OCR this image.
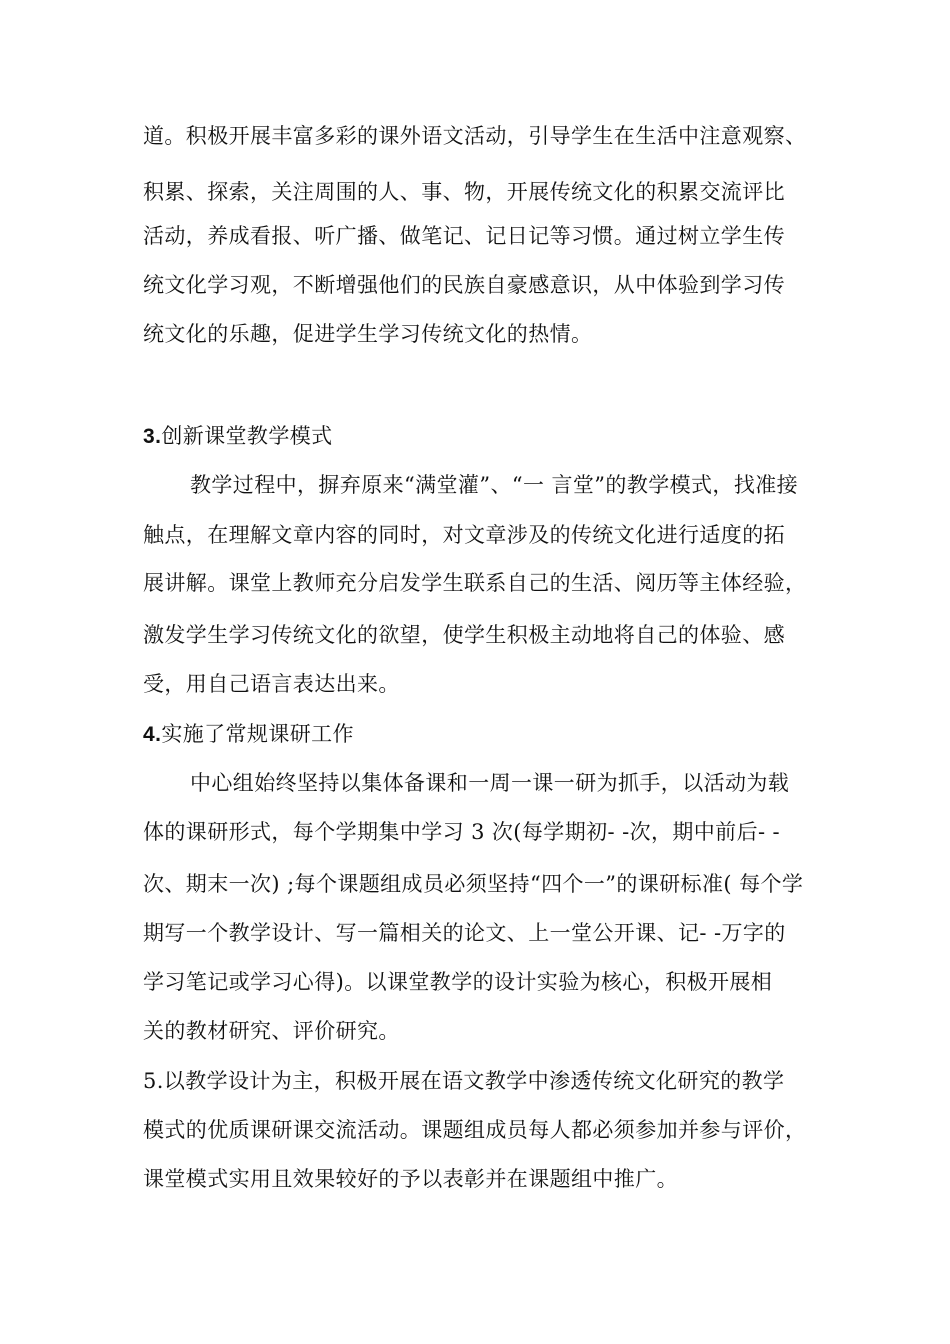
道。积极开展丰富多彩的课外语文活动，引导学生在生活中注意观察、
积累、探索，关注周围的人、事、物，开展传统文化的积累交流评比
活动，养成看报、听广播、做笔记、记日记等习惯。通过树立学生传
统文化学习观，不断增强他们的民族自豪感意识，从中体验到学习传
统文化的乐趣，促进学生学习传统文化的热情。
3.创新课堂教学模式
教学过程中，摒弃原来“满堂灌”、“一 言堂”的教学模式，找准接
触点，在理解文章内容的同时，对文章涉及的传统文化进行适度的拓
展讲解。课堂上教师充分启发学生联系自己的生活、阅历等主体经验，
激发学生学习传统文化的欲望，使学生积极主动地将自己的体验、感
受，用自己语言表达出来。
4.实施了常规课研工作
中心组始终坚持以集体备课和一周一课一研为抓手，以活动为载
体的课研形式，每个学期集中学习 3 次(每学期初- -次，期中前后- -
次、期末一次) ;每个课题组成员必须坚持“四个一”的课研标准( 每个学
期写一个教学设计、写一篇相关的论文、上一堂公开课、记- -万字的
学习笔记或学习心得)。以课堂教学的设计实验为核心，积极开展相
关的教材研究、评价研究。
5.以教学设计为主，积极开展在语文教学中渗透传统文化研究的教学
模式的优质课研课交流活动。课题组成员每人都必须参加并参与评价，
课堂模式实用且效果较好的予以表彰并在课题组中推广。
